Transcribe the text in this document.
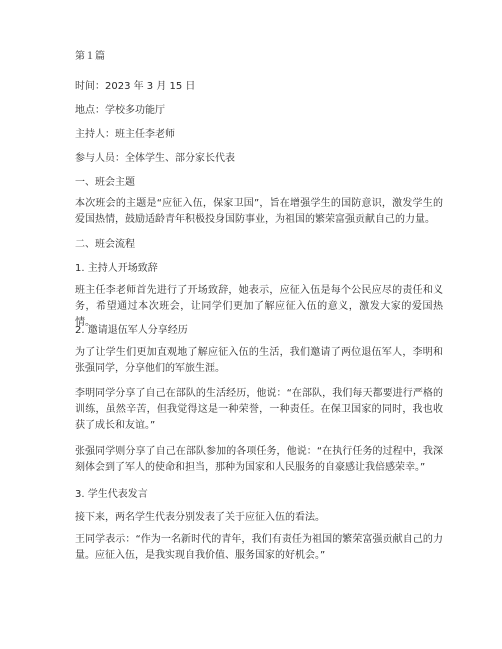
第１篇

时间：2023 年 3 月 15 日

地点：学校多功能厅

主持人：班主任李老师

参与人员：全体学生、部分家长代表

一、班会主题

本次班会的主题是“应征入伍，保家卫国”，旨在增强学生的国防意识，激发学生的爱国热情，鼓励适龄青年积极投身国防事业，为祖国的繁荣富强贡献自己的力量。

二、班会流程

1. 主持人开场致辞

班主任李老师首先进行了开场致辞，她表示，应征入伍是每个公民应尽的责任和义务，希望通过本次班会，让同学们更加了解应征入伍的意义，激发大家的爱国热情。

2. 邀请退伍军人分享经历

为了让学生们更加直观地了解应征入伍的生活，我们邀请了两位退伍军人，李明和张强同学，分享他们的军旅生涯。

李明同学分享了自己在部队的生活经历，他说：“在部队，我们每天都要进行严格的训练，虽然辛苦，但我觉得这是一种荣誉，一种责任。在保卫国家的同时，我也收获了成长和友谊。”

张强同学则分享了自己在部队参加的各项任务，他说：“在执行任务的过程中，我深刻体会到了军人的使命和担当，那种为国家和人民服务的自豪感让我倍感荣幸。”

3. 学生代表发言

接下来，两名学生代表分别发表了关于应征入伍的看法。

王同学表示：“作为一名新时代的青年，我们有责任为祖国的繁荣富强贡献自己的力量。应征入伍，是我实现自我价值、服务国家的好机会。”
